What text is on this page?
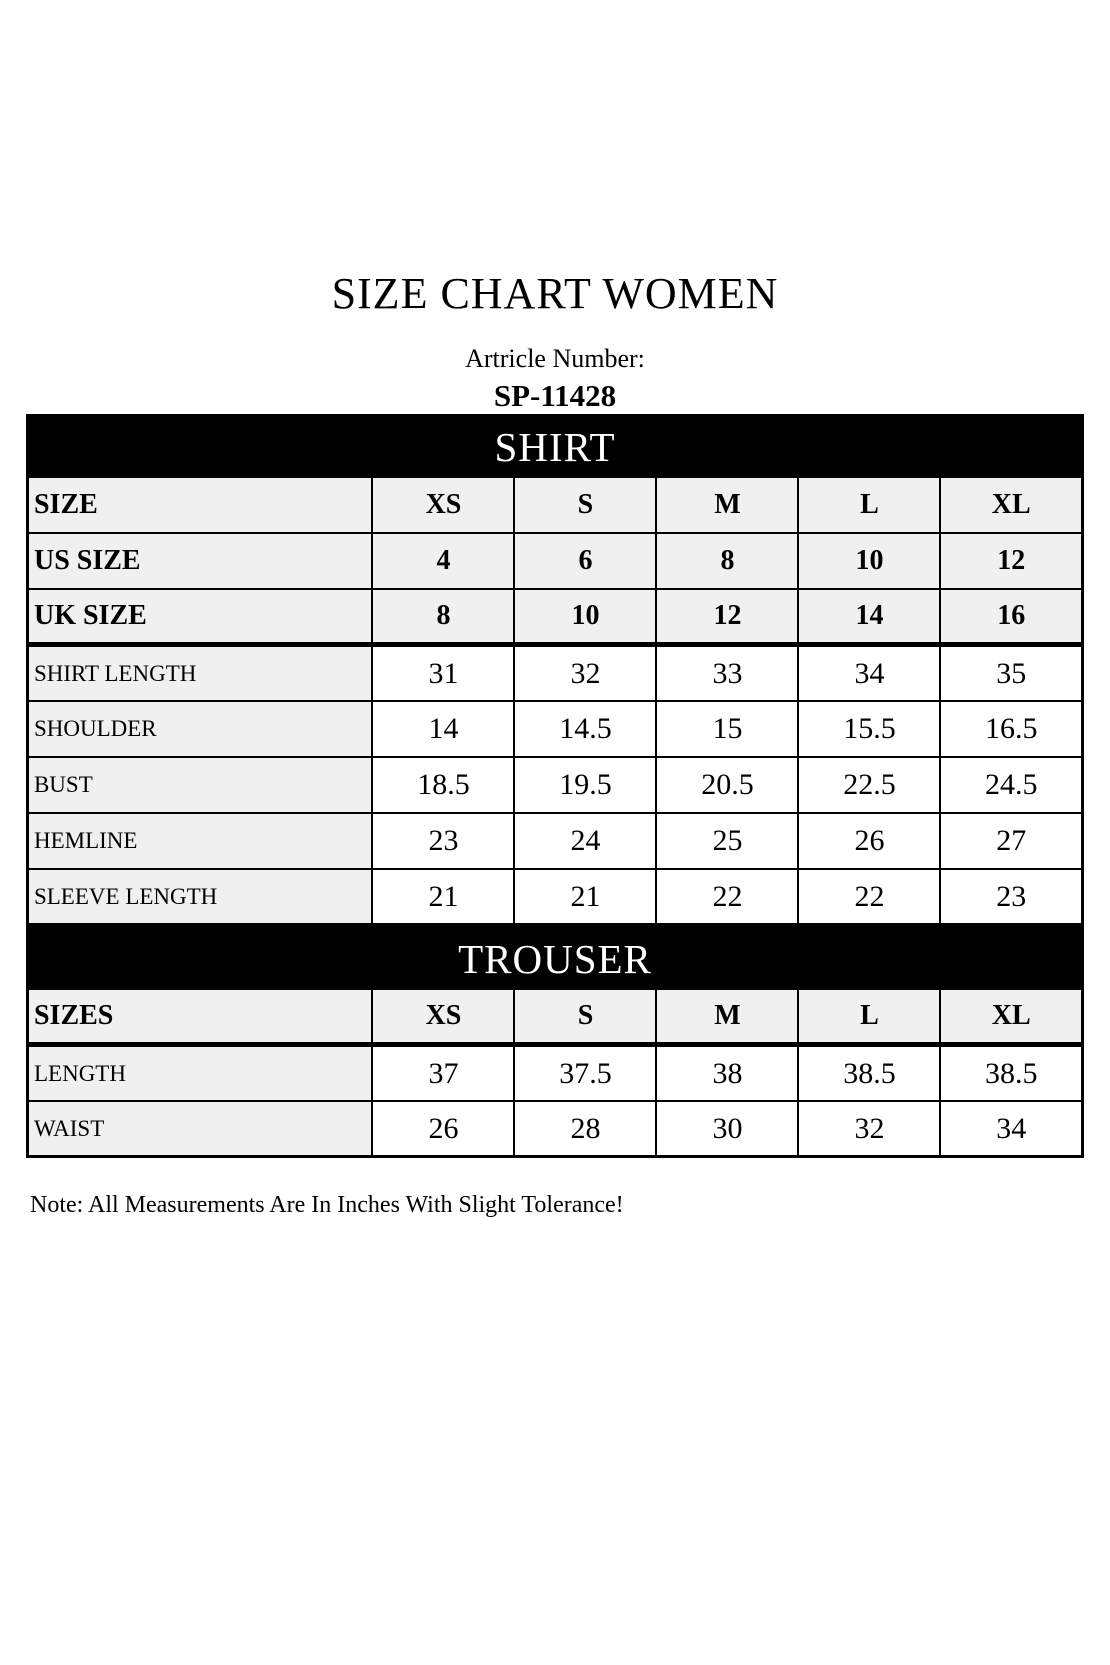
SIZE CHART WOMEN

Artricle Number:

SP-11428

SHIRT					
SIZE	XS	S	M	L	XL
US SIZE	4	6	8	10	12
UK SIZE	8	10	12	14	16
SHIRT LENGTH	31	32	33	34	35
SHOULDER	14	14.5	15	15.5	16.5
BUST	18.5	19.5	20.5	22.5	24.5
HEMLINE	23	24	25	26	27
SLEEVE LENGTH	21	21	22	22	23
TROUSER					
SIZES	XS	S	M	L	XL
LENGTH	37	37.5	38	38.5	38.5
WAIST	26	28	30	32	34

Note: All Measurements Are In Inches With Slight Tolerance!
